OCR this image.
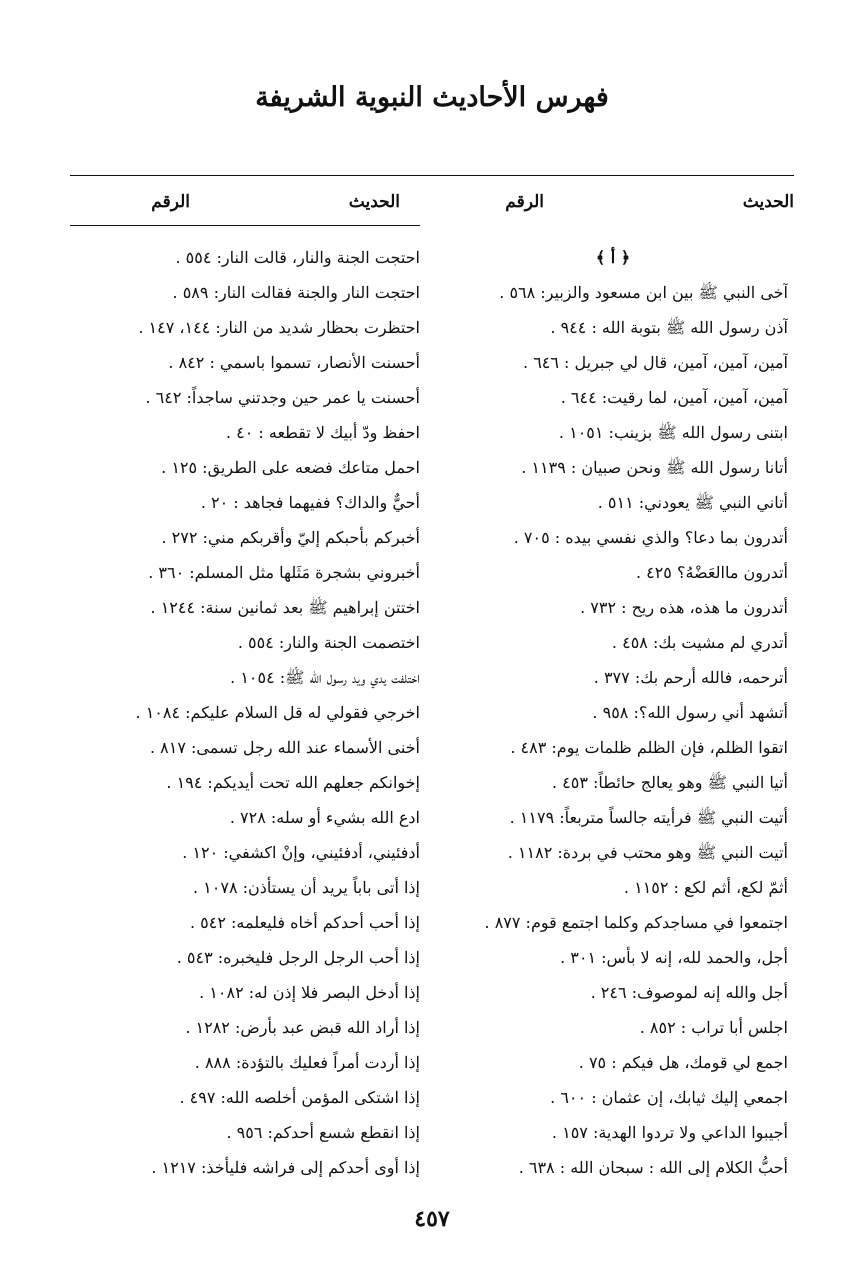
فهرس الأحاديث النبوية الشريفة
الحديث
الرقم
الحديث
الرقم
﴿ أ ﴾
آخى النبي ﷺ بين ابن مسعود والزبير: ٥٦٨ .
آذن رسول الله ﷺ بتوبة الله : ٩٤٤ .
آمين، آمين، آمين، قال لي جبريل : ٦٤٦ .
آمين، آمين، آمين، لما رقيت: ٦٤٤ .
ابتنى رسول الله ﷺ بزينب: ١٠٥١ .
أتانا رسول الله ﷺ ونحن صبيان : ١١٣٩ .
أتاني النبي ﷺ يعودني: ٥١١ .
أتدرون بما دعا؟ والذي نفسي بيده : ٧٠٥ .
أتدرون ماالعَضْهُ؟ ٤٢٥ .
أتدرون ما هذه، هذه ريح : ٧٣٢ .
أتدري لم مشيت بك: ٤٥٨ .
أترحمه، فالله أرحم بك: ٣٧٧ .
أتشهد أني رسول الله؟: ٩٥٨ .
اتقوا الظلم، فإن الظلم ظلمات يوم: ٤٨٣ .
أتيا النبي ﷺ وهو يعالج حائطاً: ٤٥٣ .
أتيت النبي ﷺ فرأيته جالساً متربعاً: ١١٧٩ .
أتيت النبي ﷺ وهو محتب في بردة: ١١٨٢ .
أثمّ لكع، أثم لكع : ١١٥٢ .
اجتمعوا في مساجدكم وكلما اجتمع قوم: ٨٧٧ .
أجل، والحمد لله، إنه لا بأس: ٣٠١ .
أجل والله إنه لموصوف: ٢٤٦ .
اجلس أبا تراب : ٨٥٢ .
اجمع لي قومك، هل فيكم : ٧٥ .
اجمعي إليك ثيابك، إن عثمان : ٦٠٠ .
أجيبوا الداعي ولا تردوا الهدية: ١٥٧ .
أحبُّ الكلام إلى الله : سبحان الله : ٦٣٨ .
احتجت الجنة والنار، قالت النار: ٥٥٤ .
احتجت النار والجنة فقالت النار: ٥٨٩ .
احتظرت بحظار شديد من النار: ١٤٤، ١٤٧ .
أحسنت الأنصار، تسموا باسمي : ٨٤٢ .
أحسنت يا عمر حين وجدتني ساجداً: ٦٤٢ .
احفظ ودّ أبيك لا تقطعه : ٤٠ .
احمل متاعك فضعه على الطريق: ١٢٥ .
أحيٌّ والداك؟ ففيهما فجاهد : ٢٠ .
أخبركم بأحبكم إليّ وأقربكم مني: ٢٧٢ .
أخبروني بشجرة مَثَلها مثل المسلم: ٣٦٠ .
اختتن إبراهيم ﷺ بعد ثمانين سنة: ١٢٤٤ .
اختصمت الجنة والنار: ٥٥٤ .
اختلفت يدي ويد رسول الله ﷺ: ١٠٥٤ .
اخرجي فقولي له قل السلام عليكم: ١٠٨٤ .
أخنى الأسماء عند الله رجل تسمى: ٨١٧ .
إخوانكم جعلهم الله تحت أيديكم: ١٩٤ .
ادع الله بشيء أو سله: ٧٢٨ .
أدفئيني، أدفئيني، وإنْ اكشفي: ١٢٠ .
إذا أتى باباً يريد أن يستأذن: ١٠٧٨ .
إذا أحب أحدكم أخاه فليعلمه: ٥٤٢ .
إذا أحب الرجل الرجل فليخبره: ٥٤٣ .
إذا أدخل البصر فلا إذن له: ١٠٨٢ .
إذا أراد الله قبض عبد بأرض: ١٢٨٢ .
إذا أردت أمراً فعليك بالتؤدة: ٨٨٨ .
إذا اشتكى المؤمن أخلصه الله: ٤٩٧ .
إذا انقطع شسع أحدكم: ٩٥٦ .
إذا أوى أحدكم إلى فراشه فليأخذ: ١٢١٧ .
٤٥٧
